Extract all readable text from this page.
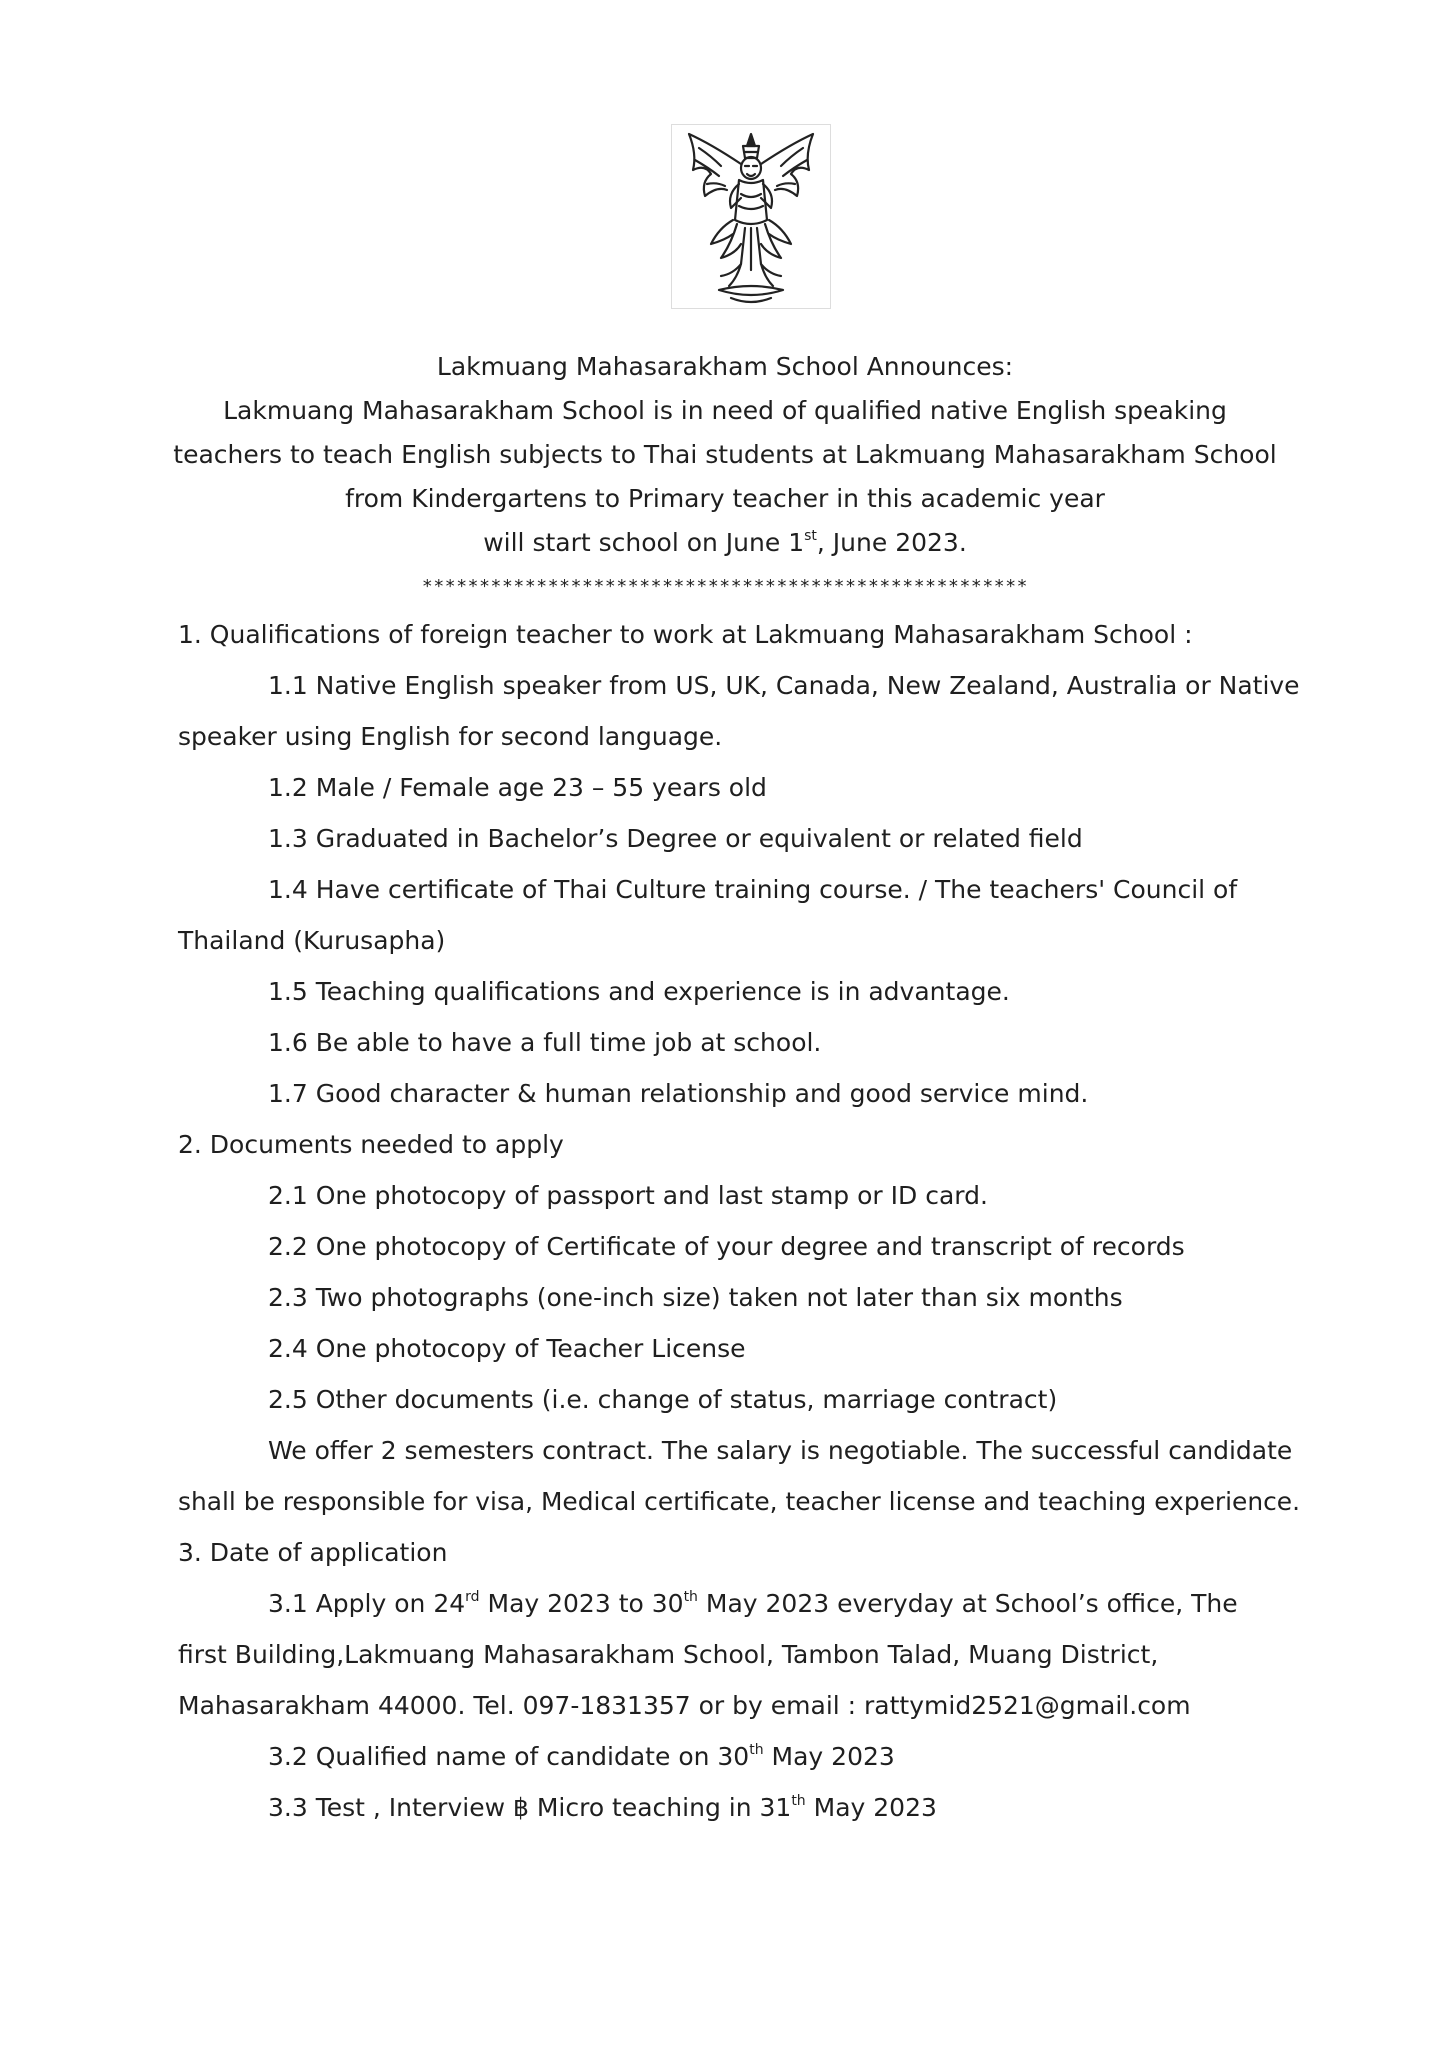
Lakmuang Mahasarakham School Announces:
Lakmuang Mahasarakham School is in need of qualified native English speaking
teachers to teach English subjects to Thai students at Lakmuang Mahasarakham School
from Kindergartens to Primary teacher in this academic year
will start school on June 1st, June 2023.
*****************************************************
1. Qualifications of foreign teacher to work at Lakmuang Mahasarakham School :
1.1 Native English speaker from US, UK, Canada, New Zealand, Australia or Native
speaker using English for second language.
1.2 Male / Female age 23 – 55 years old
1.3 Graduated in Bachelor’s Degree or equivalent or related field
1.4 Have certificate of Thai Culture training course. / The teachers' Council of
Thailand (Kurusapha)
1.5 Teaching qualifications and experience is in advantage.
1.6 Be able to have a full time job at school.
1.7 Good character & human relationship and good service mind.
2. Documents needed to apply
2.1 One photocopy of passport and last stamp or ID card.
2.2 One photocopy of Certificate of your degree and transcript of records
2.3 Two photographs (one-inch size) taken not later than six months
2.4 One photocopy of Teacher License
2.5 Other documents (i.e. change of status, marriage contract)
We offer 2 semesters contract. The salary is negotiable. The successful candidate
shall be responsible for visa, Medical certificate, teacher license and teaching experience.
3. Date of application
3.1 Apply on 24rd May 2023 to 30th May 2023 everyday at School’s office, The
first Building,Lakmuang Mahasarakham School, Tambon Talad, Muang District,
Mahasarakham 44000. Tel. 097-1831357 or by email : rattymid2521@gmail.com
3.2 Qualified name of candidate on 30th May 2023
3.3 Test , Interview ฿ Micro teaching in 31th May 2023
